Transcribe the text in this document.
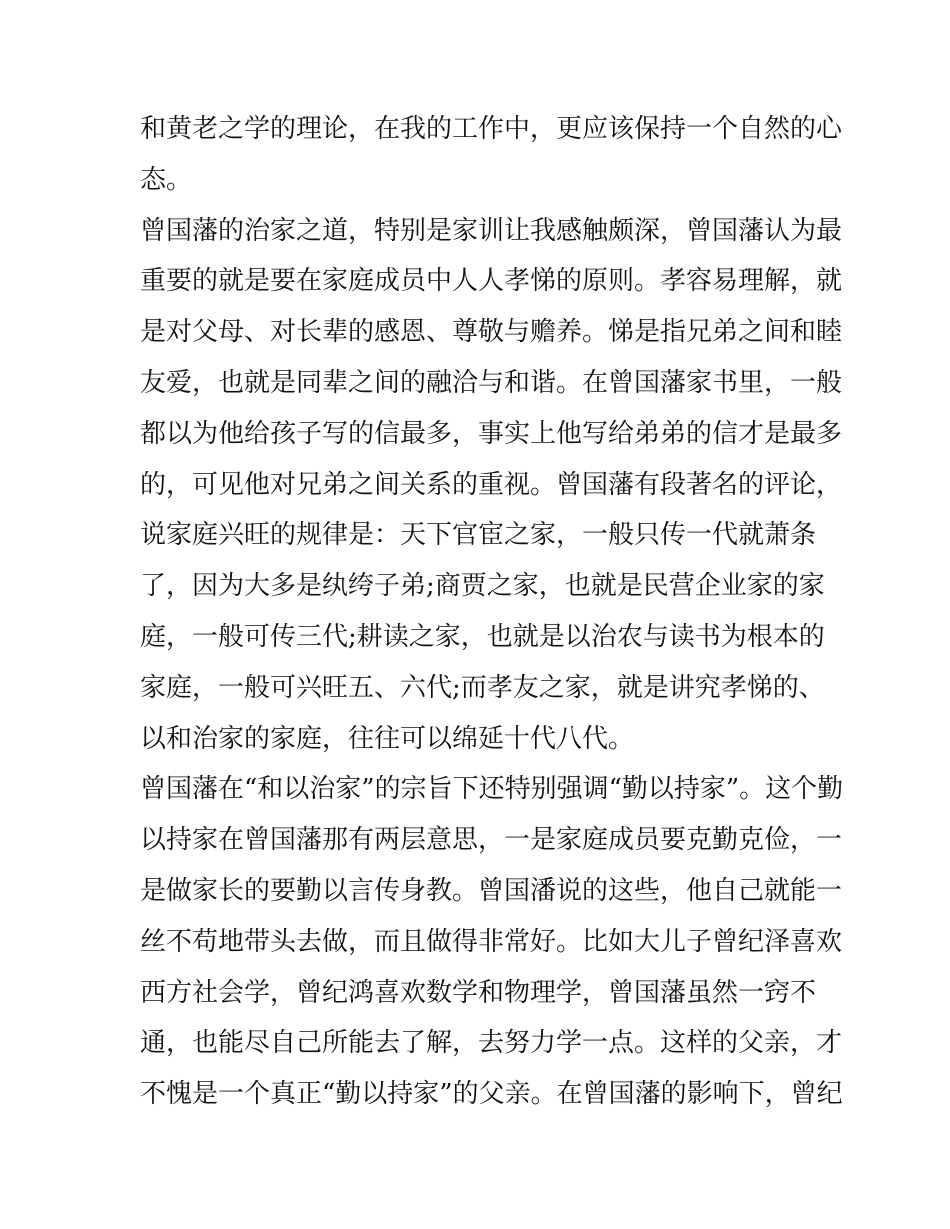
和黄老之学的理论，在我的工作中，更应该保持一个自然的心
态。
曾国藩的治家之道，特别是家训让我感触颇深，曾国藩认为最
重要的就是要在家庭成员中人人孝悌的原则。孝容易理解，就
是对父母、对长辈的感恩、尊敬与赡养。悌是指兄弟之间和睦
友爱，也就是同辈之间的融洽与和谐。在曾国藩家书里，一般
都以为他给孩子写的信最多，事实上他写给弟弟的信才是最多
的，可见他对兄弟之间关系的重视。曾国藩有段著名的评论，
说家庭兴旺的规律是：天下官宦之家，一般只传一代就萧条
了，因为大多是纨绔子弟;商贾之家，也就是民营企业家的家
庭，一般可传三代;耕读之家，也就是以治农与读书为根本的
家庭，一般可兴旺五、六代;而孝友之家，就是讲究孝悌的、
以和治家的家庭，往往可以绵延十代八代。
曾国藩在“和以治家”的宗旨下还特别强调“勤以持家”。这个勤
以持家在曾国藩那有两层意思，一是家庭成员要克勤克俭，一
是做家长的要勤以言传身教。曾国潘说的这些，他自己就能一
丝不苟地带头去做，而且做得非常好。比如大儿子曾纪泽喜欢
西方社会学，曾纪鸿喜欢数学和物理学，曾国藩虽然一窍不
通，也能尽自己所能去了解，去努力学一点。这样的父亲，才
不愧是一个真正“勤以持家”的父亲。在曾国藩的影响下，曾纪
